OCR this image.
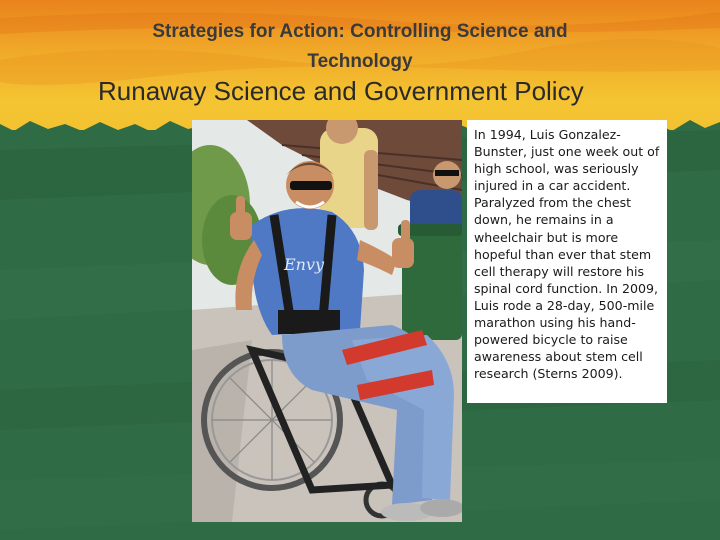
Strategies for Action: Controlling Science and Technology
Runaway Science and Government Policy
Envy

In 1994, Luis Gonzalez-Bunster, just one week out of high school, was seriously injured in a car accident. Paralyzed from the chest down, he remains in a wheelchair but is more hopeful than ever that stem cell therapy will restore his spinal cord function. In 2009, Luis rode a 28-day, 500-mile marathon using his hand-powered bicycle to raise awareness about stem cell research (Sterns 2009).
